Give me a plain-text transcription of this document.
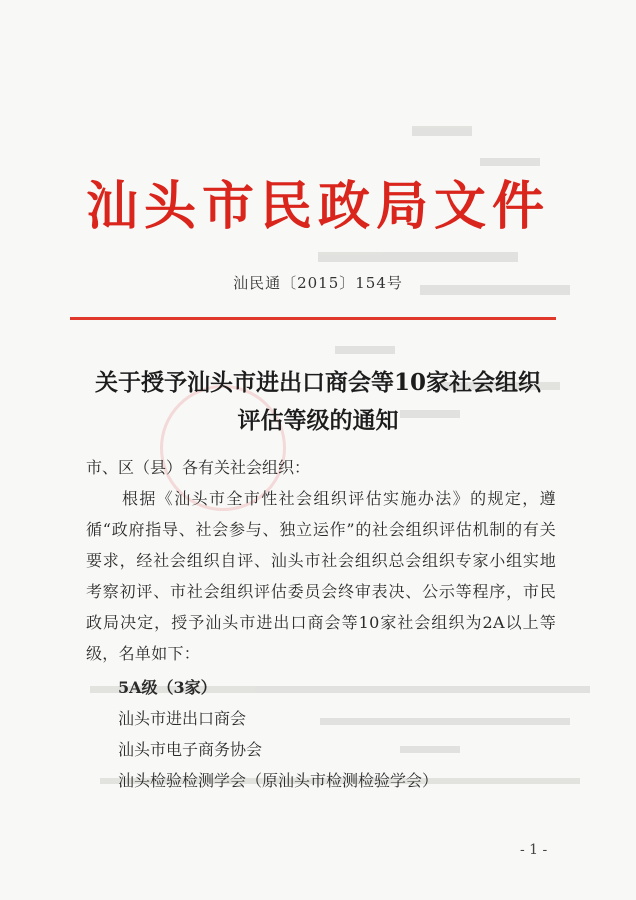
汕头市民政局文件
汕民通〔2015〕154号
关于授予汕头市进出口商会等10家社会组织
评估等级的通知
市、区（县）各有关社会组织：
根据《汕头市全市性社会组织评估实施办法》的规定，遵循“政府指导、社会参与、独立运作”的社会组织评估机制的有关要求，经社会组织自评、汕头市社会组织总会组织专家小组实地考察初评、市社会组织评估委员会终审表决、公示等程序，市民政局决定，授予汕头市进出口商会等10家社会组织为2A以上等级，名单如下：
5A级（3家）
汕头市进出口商会
汕头市电子商务协会
汕头检验检测学会（原汕头市检测检验学会）
- 1 -
